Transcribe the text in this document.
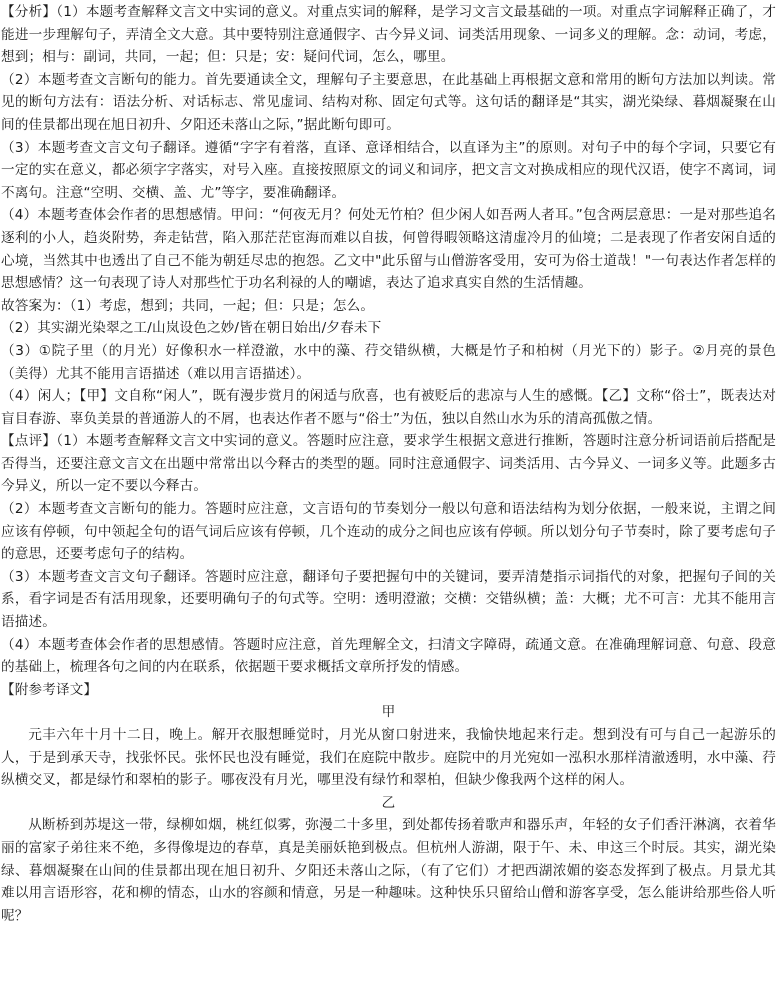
【分析】（1）本题考查解释文言文中实词的意义。对重点实词的解释，是学习文言文最基础的一项。对重点字词解释正确了，才能进一步理解句子，弄清全文大意。其中要特别注意通假字、古今异义词、词类活用现象、一词多义的理解。念：动词，考虑，想到；相与：副词，共同，一起；但：只是；安：疑问代词，怎么，哪里。

（2）本题考查文言断句的能力。首先要通读全文，理解句子主要意思，在此基础上再根据文意和常用的断句方法加以判读。常见的断句方法有：语法分析、对话标志、常见虚词、结构对称、固定句式等。这句话的翻译是“其实，湖光染绿、暮烟凝聚在山间的佳景都出现在旭日初升、夕阳还未落山之际，”据此断句即可。

（3）本题考查文言文句子翻译。遵循“字字有着落，直译、意译相结合，以直译为主”的原则。对句子中的每个字词，只要它有一定的实在意义，都必须字字落实，对号入座。直接按照原文的词义和词序，把文言文对换成相应的现代汉语，使字不离词，词不离句。注意“空明、交横、盖、尤”等字，要准确翻译。

（4）本题考查体会作者的思想感情。甲问：“何夜无月？何处无竹柏？但少闲人如吾两人者耳。”包含两层意思：一是对那些追名逐利的小人，趋炎附势，奔走钻营，陷入那茫茫宦海而难以自拔，何曾得暇领略这清虚冷月的仙境；二是表现了作者安闲自适的心境，当然其中也透出了自己不能为朝廷尽忠的抱怨。乙文中"此乐留与山僧游客受用，安可为俗士道哉！"一句表达作者怎样的思想感情？这一句表现了诗人对那些忙于功名利禄的人的嘲谑，表达了追求真实自然的生活情趣。

故答案为：（1）考虑，想到；共同，一起；但：只是；怎么。

（2）其实湖光染翠之工/山岚设色之妙/皆在朝日始出/夕春未下

（3）①院子里（的月光）好像积水一样澄澈，水中的藻、荇交错纵横，大概是竹子和柏树（月光下的）影子。②月亮的景色（美得）尤其不能用言语描述（难以用言语描述）。

（4）闲人；【甲】文自称“闲人”，既有漫步赏月的闲适与欣喜，也有被贬后的悲凉与人生的感慨。【乙】文称“俗士”，既表达对盲目春游、辜负美景的普通游人的不屑，也表达作者不愿与“俗士”为伍，独以自然山水为乐的清高孤傲之情。

【点评】（1）本题考查解释文言文中实词的意义。答题时应注意，要求学生根据文意进行推断，答题时注意分析词语前后搭配是否得当，还要注意文言文在出题中常常出以今释古的类型的题。同时注意通假字、词类活用、古今异义、一词多义等。此题多古今异义，所以一定不要以今释古。

（2）本题考查文言断句的能力。答题时应注意，文言语句的节奏划分一般以句意和语法结构为划分依据，一般来说，主谓之间应该有停顿，句中领起全句的语气词后应该有停顿，几个连动的成分之间也应该有停顿。所以划分句子节奏时，除了要考虑句子的意思，还要考虑句子的结构。

（3）本题考查文言文句子翻译。答题时应注意，翻译句子要把握句中的关键词，要弄清楚指示词指代的对象，把握句子间的关系，看字词是否有活用现象，还要明确句子的句式等。空明：透明澄澈；交横：交错纵横；盖：大概；尤不可言：尤其不能用言语描述。

（4）本题考查体会作者的思想感情。答题时应注意，首先理解全文，扫清文字障碍，疏通文意。在准确理解词意、句意、段意的基础上，梳理各句之间的内在联系，依据题干要求概括文章所抒发的情感。

【附参考译文】

甲

元丰六年十月十二日，晚上。解开衣服想睡觉时，月光从窗口射进来，我愉快地起来行走。想到没有可与自己一起游乐的人，于是到承天寺，找张怀民。张怀民也没有睡觉，我们在庭院中散步。庭院中的月光宛如一泓积水那样清澈透明，水中藻、荇纵横交叉，都是绿竹和翠柏的影子。哪夜没有月光，哪里没有绿竹和翠柏，但缺少像我两个这样的闲人。

乙

从断桥到苏堤这一带，绿柳如烟，桃红似雾，弥漫二十多里，到处都传扬着歌声和器乐声，年轻的女子们香汗淋漓，衣着华丽的富家子弟往来不绝，多得像堤边的春草，真是美丽妖艳到极点。但杭州人游湖，限于午、未、申这三个时辰。其实，湖光染绿、暮烟凝聚在山间的佳景都出现在旭日初升、夕阳还未落山之际，（有了它们）才把西湖浓媚的姿态发挥到了极点。月景尤其难以用言语形容，花和柳的情态，山水的容颜和情意，另是一种趣味。这种快乐只留给山僧和游客享受，怎么能讲给那些俗人听呢？
